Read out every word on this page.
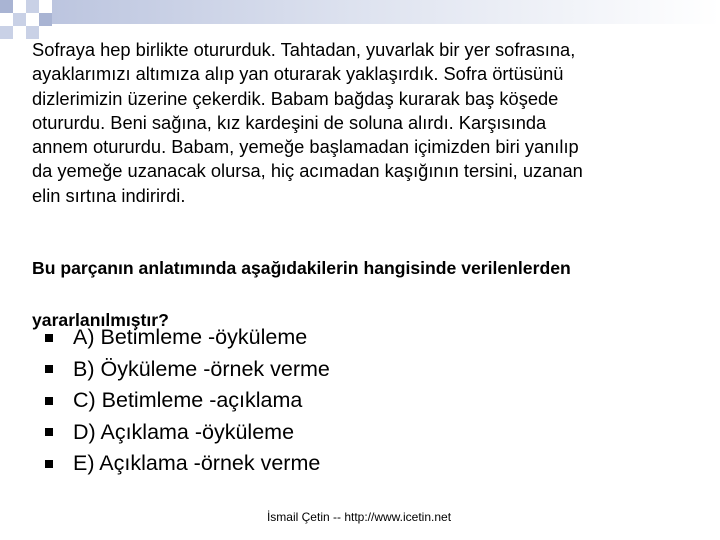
Sofraya hep birlikte otururduk. Tahtadan, yuvarlak bir yer sofrasına,
ayaklarımızı altımıza alıp yan oturarak yaklaşırdık. Sofra örtüsünü
dizlerimizin üzerine çekerdik. Babam bağdaş kurarak baş köşede
otururdu. Beni sağına, kız kardeşini de soluna alırdı. Karşısında
annem otururdu. Babam, yemeğe başlamadan içimizden biri yanılıp
da yemeğe uzanacak olursa, hiç acımadan kaşığının tersini, uzanan
elin sırtına indirirdi.

Bu parçanın anlatımında aşağıdakilerin hangisinde verilenlerden
yararlanılmıştır?

A) Betimleme -öyküleme
B) Öyküleme -örnek verme
C) Betimleme -açıklama
D) Açıklama -öyküleme
E) Açıklama -örnek verme
İsmail Çetin -- http://www.icetin.net
